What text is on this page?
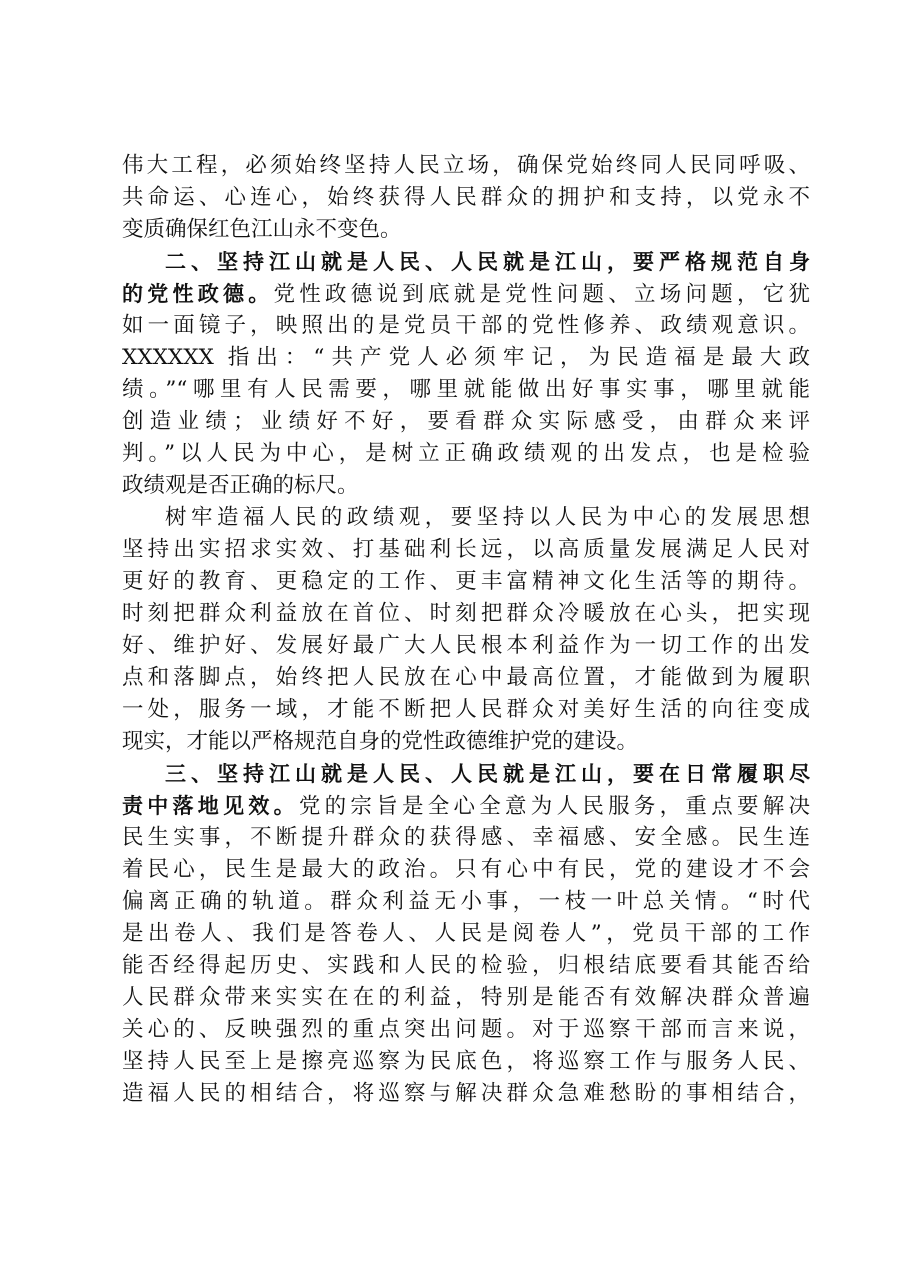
伟大工程，必须始终坚持人民立场，确保党始终同人民同呼吸、
共命运、心连心，始终获得人民群众的拥护和支持，以党永不
变质确保红色江山永不变色。
二、坚持江山就是人民、人民就是江山，要严格规范自身
的党性政德。党性政德说到底就是党性问题、立场问题，它犹
如一面镜子，映照出的是党员干部的党性修养、政绩观意识。
XXXXXX 指出：“共产党人必须牢记，为民造福是最大政
绩。”“哪里有人民需要，哪里就能做出好事实事，哪里就能
创造业绩；业绩好不好，要看群众实际感受，由群众来评
判。”以人民为中心，是树立正确政绩观的出发点，也是检验
政绩观是否正确的标尺。
树牢造福人民的政绩观，要坚持以人民为中心的发展思想
坚持出实招求实效、打基础利长远，以高质量发展满足人民对
更好的教育、更稳定的工作、更丰富精神文化生活等的期待。
时刻把群众利益放在首位、时刻把群众冷暖放在心头，把实现
好、维护好、发展好最广大人民根本利益作为一切工作的出发
点和落脚点，始终把人民放在心中最高位置，才能做到为履职
一处，服务一域，才能不断把人民群众对美好生活的向往变成
现实，才能以严格规范自身的党性政德维护党的建设。
三、坚持江山就是人民、人民就是江山，要在日常履职尽
责中落地见效。党的宗旨是全心全意为人民服务，重点要解决
民生实事，不断提升群众的获得感、幸福感、安全感。民生连
着民心，民生是最大的政治。只有心中有民，党的建设才不会
偏离正确的轨道。群众利益无小事，一枝一叶总关情。“时代
是出卷人、我们是答卷人、人民是阅卷人”，党员干部的工作
能否经得起历史、实践和人民的检验，归根结底要看其能否给
人民群众带来实实在在的利益，特别是能否有效解决群众普遍
关心的、反映强烈的重点突出问题。对于巡察干部而言来说，
坚持人民至上是擦亮巡察为民底色，将巡察工作与服务人民、
造福人民的相结合，将巡察与解决群众急难愁盼的事相结合，
